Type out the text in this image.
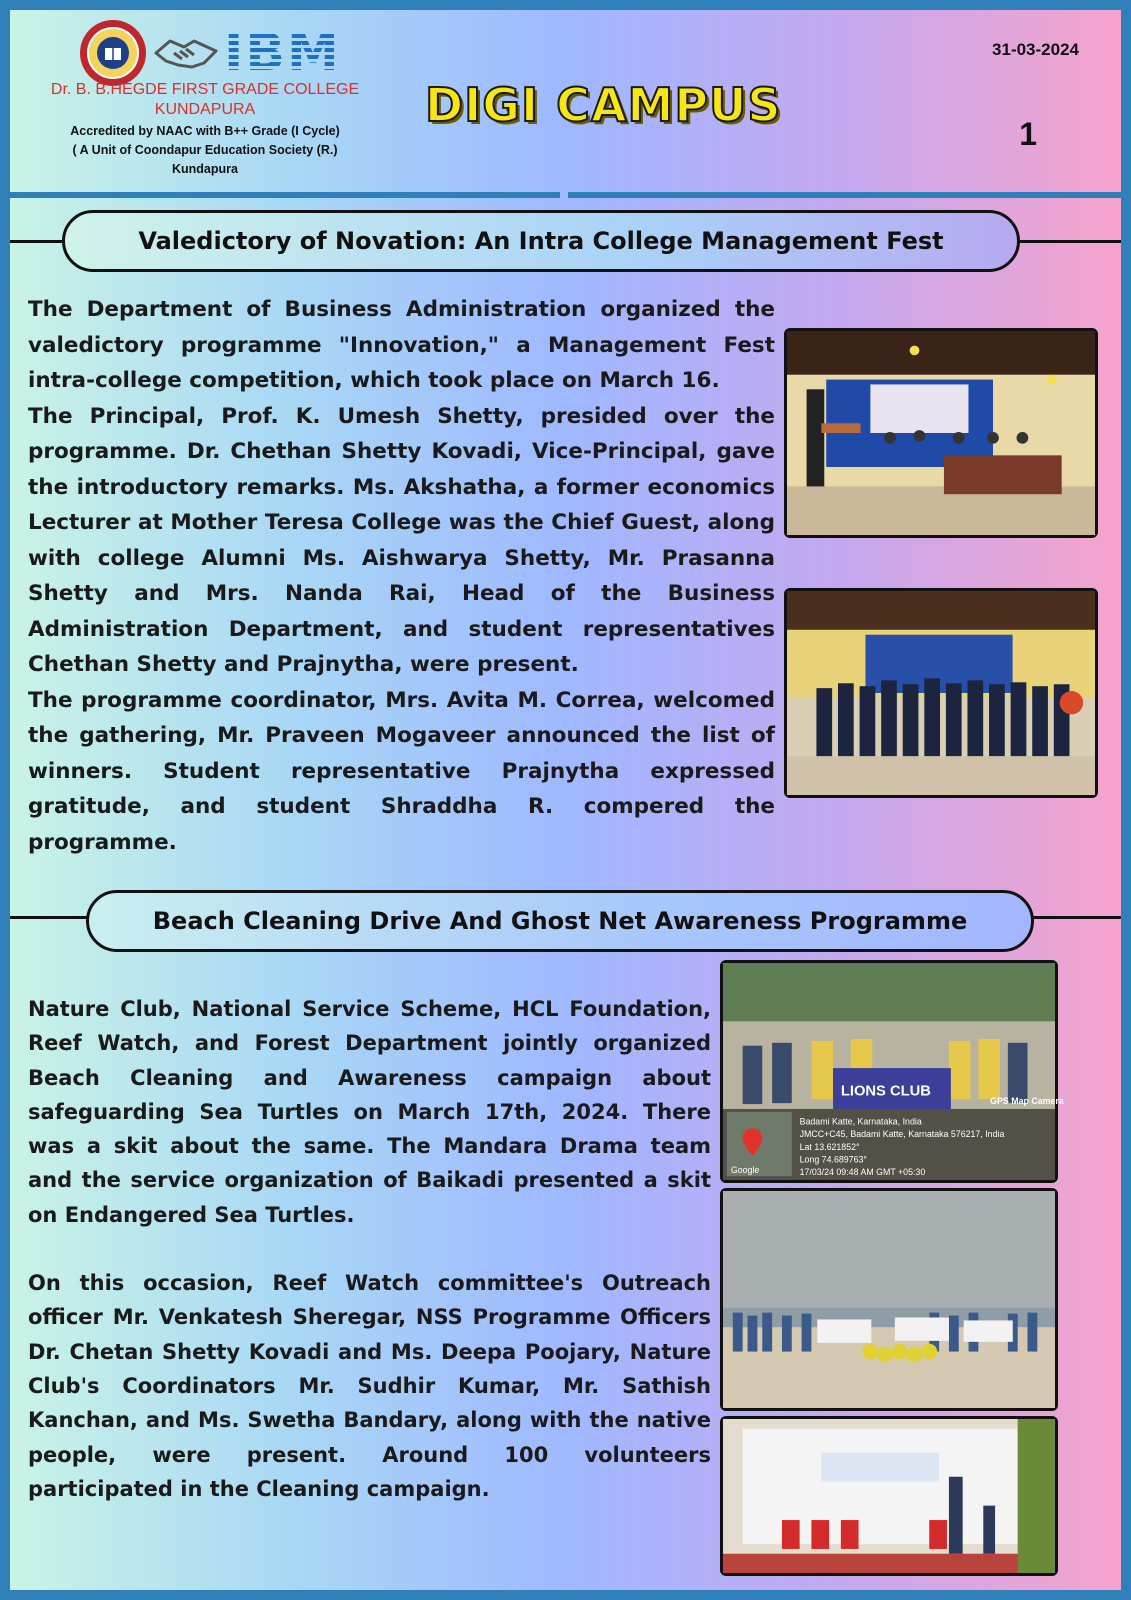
IBM
Dr. B. B.HEGDE FIRST GRADE COLLEGE
KUNDAPURA
Accredited by NAAC with B++ Grade (I Cycle)
( A Unit of Coondapur Education Society (R.)
Kundapura
DIGI CAMPUS
31-03-2024
1
Valedictory of Novation: An Intra College Management Fest

The Department of Business Administration organized the valedictory programme "Innovation," a Management Fest intra-college competition, which took place on March 16.

The Principal, Prof. K. Umesh Shetty, presided over the programme. Dr. Chethan Shetty Kovadi, Vice-Principal, gave the introductory remarks. Ms. Akshatha, a former economics Lecturer at Mother Teresa College was the Chief Guest, along with college Alumni Ms. Aishwarya Shetty, Mr. Prasanna Shetty and Mrs. Nanda Rai, Head of the Business Administration Department, and student representatives Chethan Shetty and Prajnytha, were present.

The programme coordinator, Mrs. Avita M. Correa, welcomed the gathering, Mr. Praveen Mogaveer announced the list of winners. Student representative Prajnytha expressed gratitude, and student Shraddha R. compered the programme.

Beach Cleaning Drive And Ghost Net Awareness Programme

Nature Club, National Service Scheme, HCL Foundation, Reef Watch, and Forest Department jointly organized Beach Cleaning and Awareness campaign about safeguarding Sea Turtles on March 17th, 2024. There was a skit about the same. The Mandara Drama team and the service organization of Baikadi presented a skit on Endangered Sea Turtles.

On this occasion, Reef Watch committee's Outreach officer Mr. Venkatesh Sheregar, NSS Programme Officers Dr. Chetan Shetty Kovadi and Ms. Deepa Poojary, Nature Club's Coordinators Mr. Sudhir Kumar, Mr. Sathish Kanchan, and Ms. Swetha Bandary, along with the native people, were present. Around 100 volunteers participated in the Cleaning campaign.

LIONS CLUB
Google
GPS Map Camera
Badami Katte, Karnataka, India
JMCC+C45, Badami Katte, Karnataka 576217, India
Lat 13.621852°
Long 74.689763°
17/03/24 09:48 AM GMT +05:30
